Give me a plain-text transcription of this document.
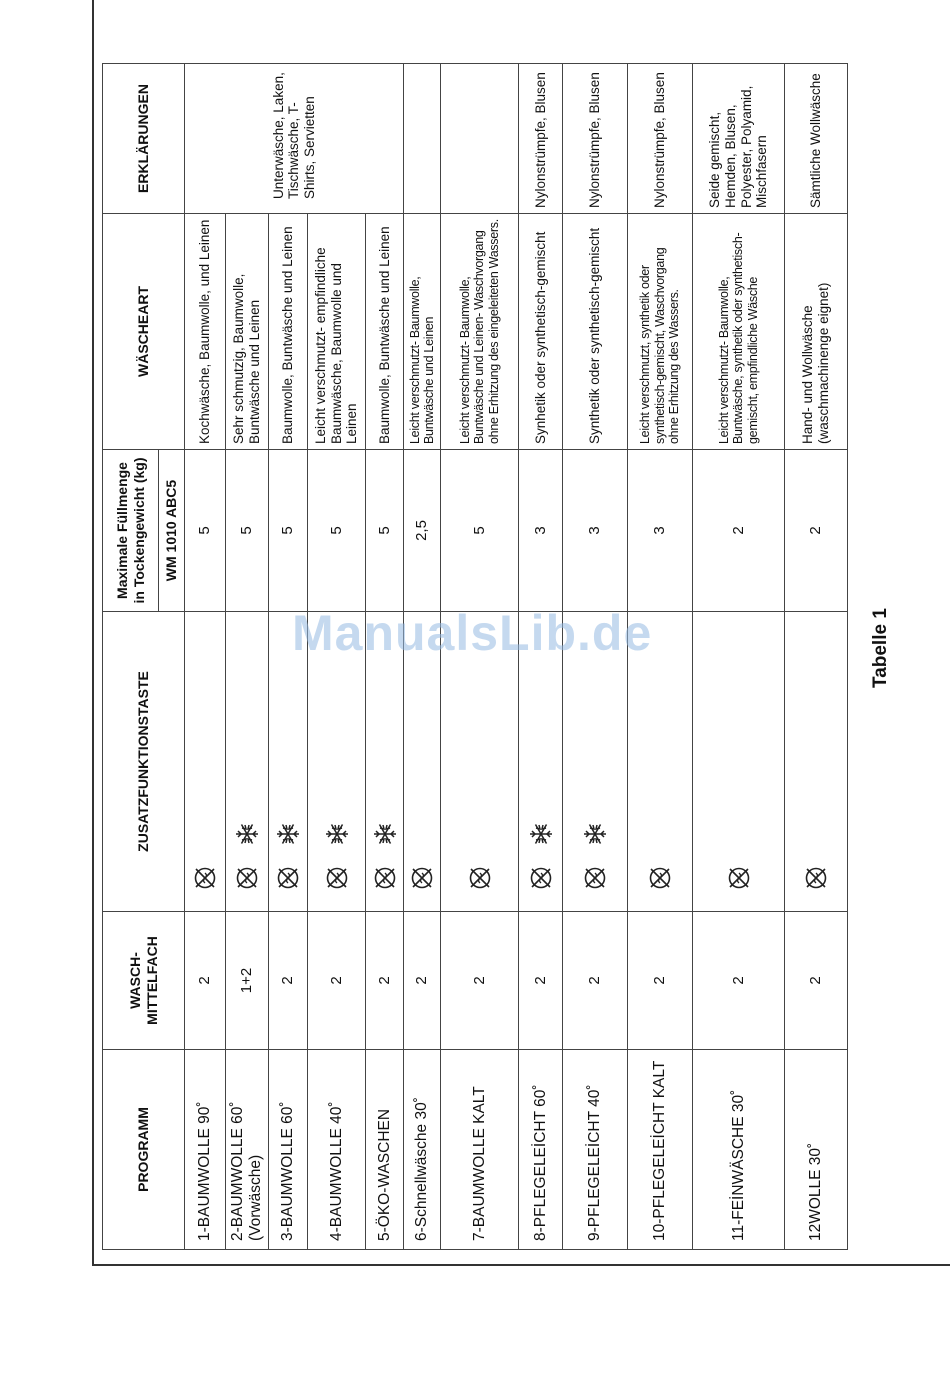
PROGRAMM	WASCH-
MITTELFACH	ZUSATZFUNKTIONSTASTE	Maximale Füllmenge in Tockengewicht (kg)	WÄSCHEART	ERKLÄRUNGEN
			WM 1010 ABC5		
1-BAUMWOLLE 90˚	2		5	Kochwäsche, Baumwolle, und Leinen	Unterwäsche, Laken, Tischwäsche, T-Shirts, Servietten
2-BAUMWOLLE 60˚ (Vorwäsche)	1+2		5	Sehr schmutzig, Baumwolle, Buntwäsche und Leinen	
3-BAUMWOLLE 60˚	2		5	Baumwolle, Buntwäsche und Leinen	
4-BAUMWOLLE 40˚	2		5	Leicht verschmutzt- empfindliche Baumwäsche, Baumwolle und Leinen	
5-ÖKO-WASCHEN	2		5	Baumwolle, Buntwäsche und Leinen	
6-Schnellwäsche 30˚	2		2,5	Leicht verschmutzt- Baumwolle, Buntwäsche und Leinen	
7-BAUMWOLLE KALT	2		5	Leicht verschmutzt- Baumwolle, Buntwäsche und Leinen- Waschvorgang ohne Erhitzung des eingeleiteten Wassers.	
8-PFLEGELEİCHT 60˚	2		3	Synhetik oder synthetisch-gemischt	Nylonstrümpfe, Blusen
9-PFLEGELEİCHT 40˚	2		3	Synthetik oder synthetisch-gemischt	Nylonstrümpfe, Blusen
10-PFLEGELEİCHT KALT	2		3	Leicht verschmutzt, synthetik oder synthetisch-gemischt, Waschvorgang ohne Erhitzung des Wassers.	Nylonstrümpfe, Blusen
11-FEİNWÄSCHE 30˚	2		2	Leicht verschmutzt- Baumwolle, Buntwäsche, synthetik oder synthetisch-gemischt, empfindliche Wäsche	Seide gemischt, Hemden, Blusen, Polyester, Polyamid, Mischfasern
12WOLLE 30˚	2		2	Hand- und Wollwäsche (waschmachinenge eignet)	Sämtliche Wollwäsche
ManualsLib.de	Tabelle 1
